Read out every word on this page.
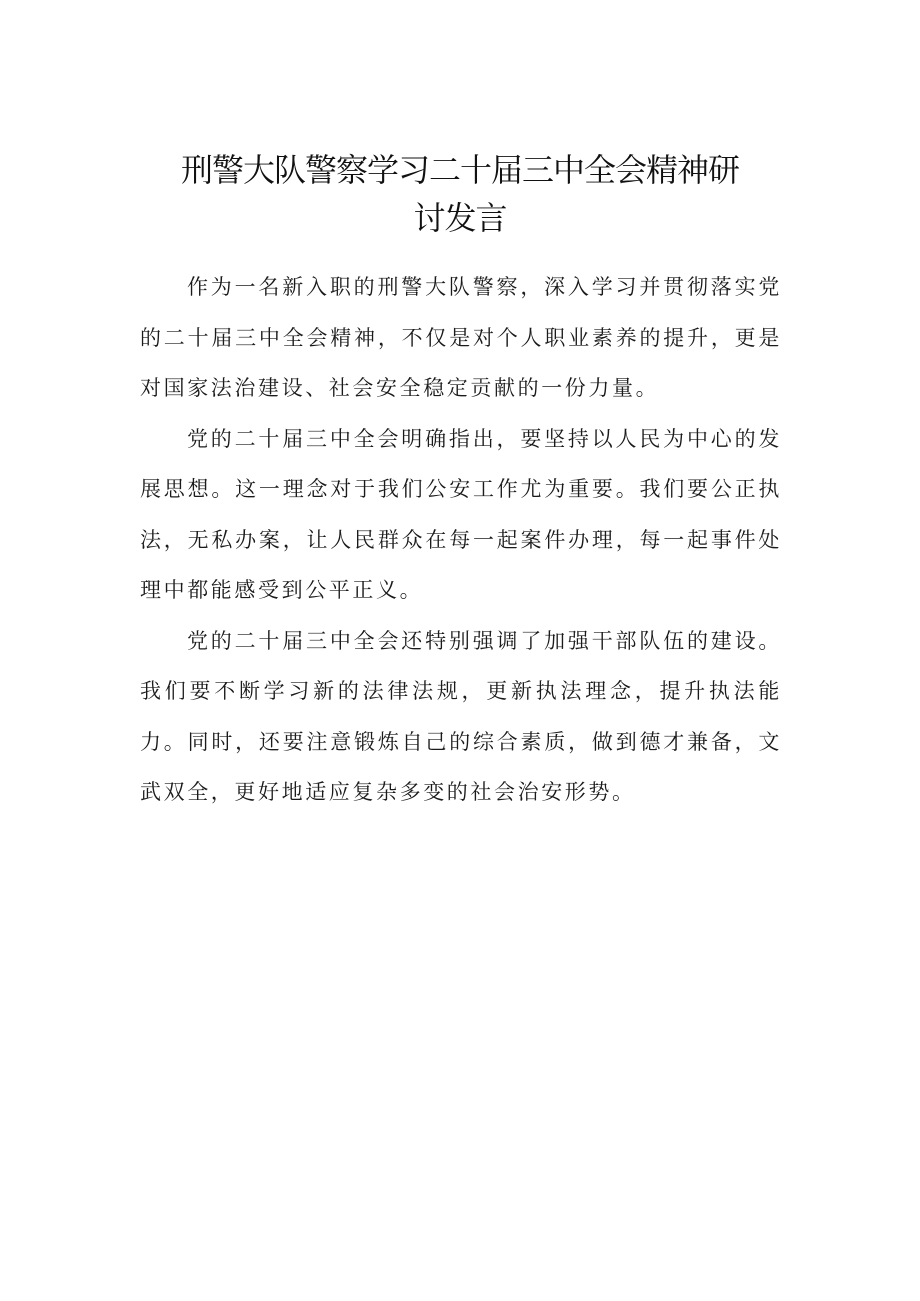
刑警大队警察学习二十届三中全会精神研
讨发言

作为一名新入职的刑警大队警察，深入学习并贯彻落实党的二十届三中全会精神，不仅是对个人职业素养的提升，更是对国家法治建设、社会安全稳定贡献的一份力量。

党的二十届三中全会明确指出，要坚持以人民为中心的发展思想。这一理念对于我们公安工作尤为重要。我们要公正执法，无私办案，让人民群众在每一起案件办理，每一起事件处理中都能感受到公平正义。

党的二十届三中全会还特别强调了加强干部队伍的建设。我们要不断学习新的法律法规，更新执法理念，提升执法能力。同时，还要注意锻炼自己的综合素质，做到德才兼备，文武双全，更好地适应复杂多变的社会治安形势。
